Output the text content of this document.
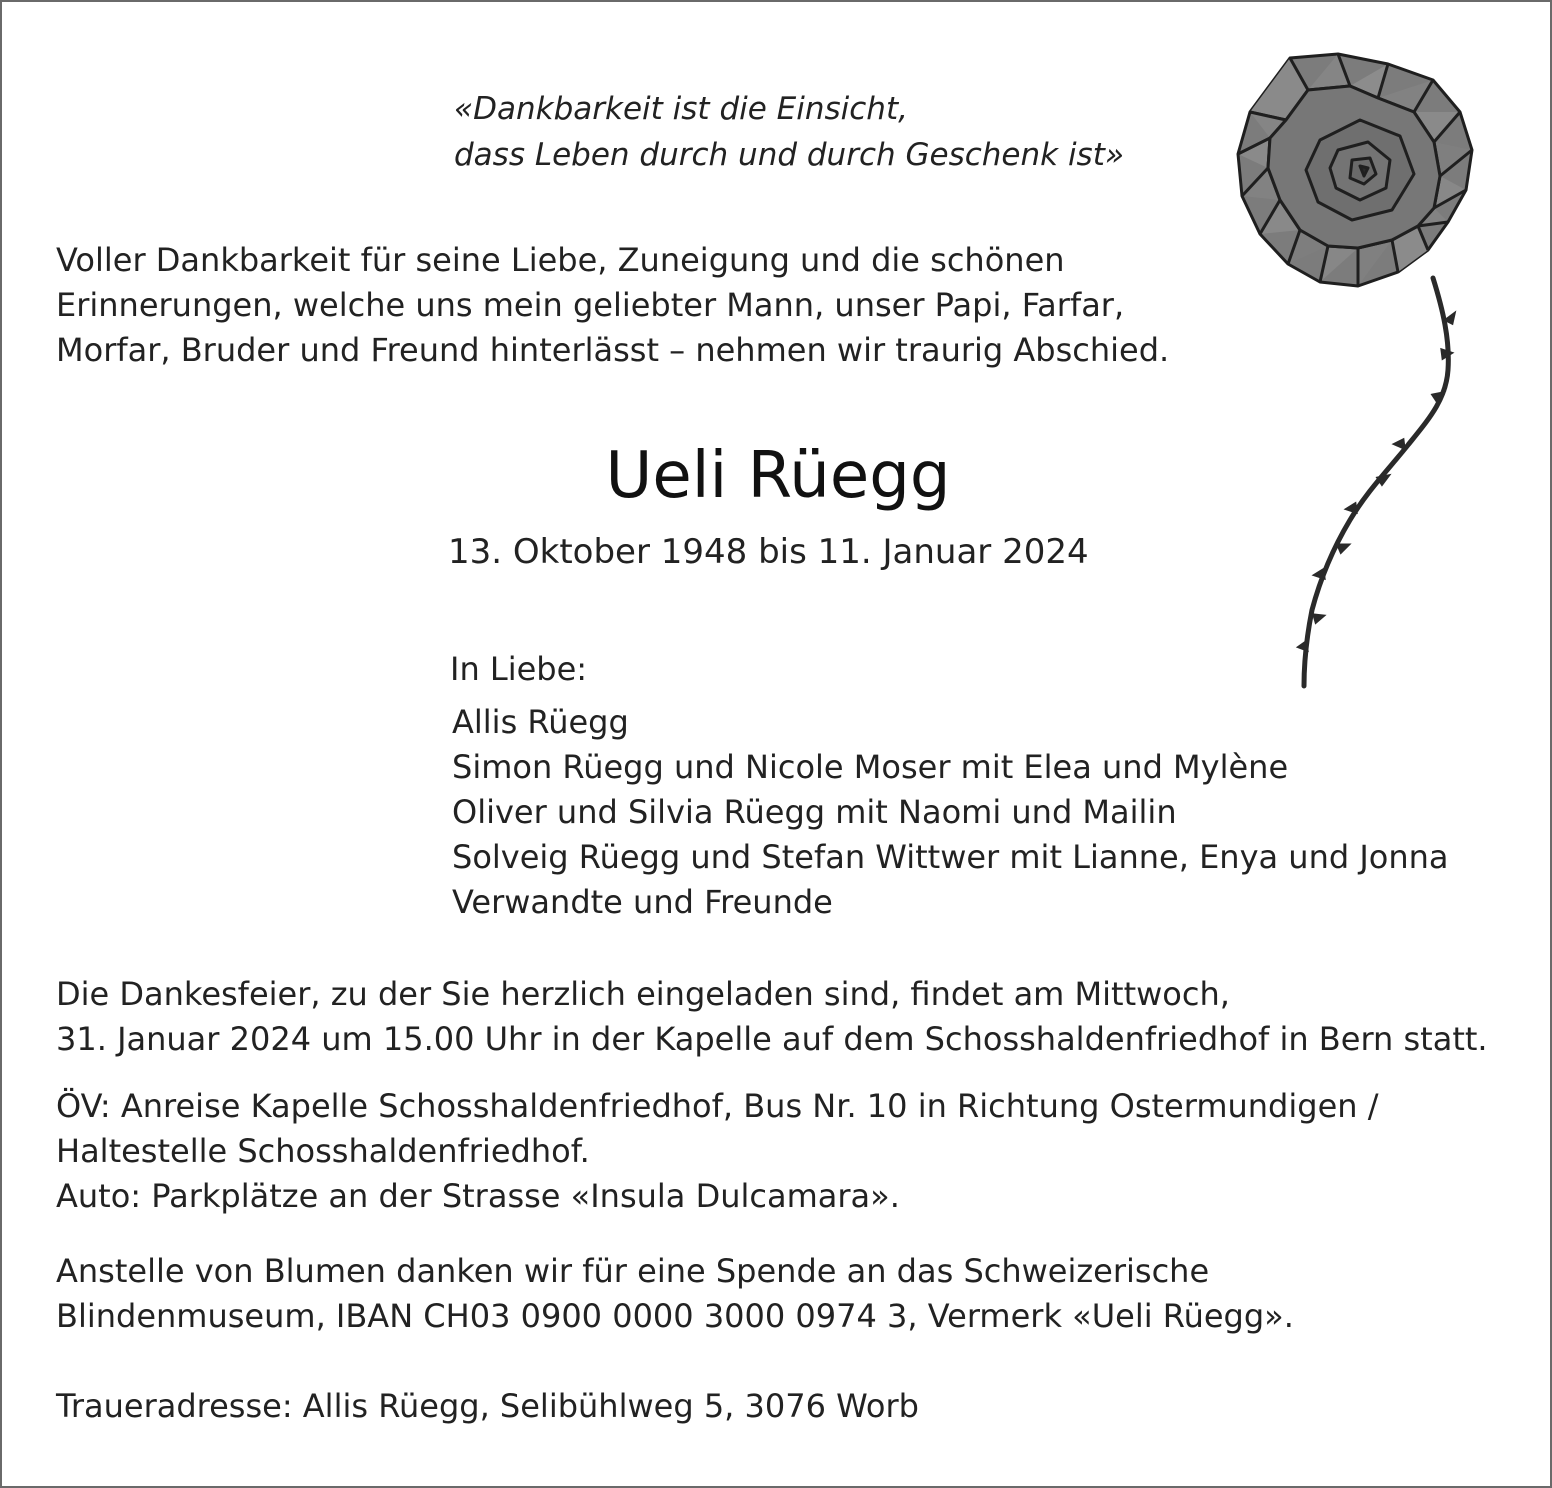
«Dankbarkeit ist die Einsicht,
dass Leben durch und durch Geschenk ist»
Voller Dankbarkeit für seine Liebe, Zuneigung und die schönen
Erinnerungen, welche uns mein geliebter Mann, unser Papi, Farfar,
Morfar, Bruder und Freund hinterlässt – nehmen wir traurig Abschied.
Ueli Rüegg
13. Oktober 1948 bis 11. Januar 2024
In Liebe:
Allis Rüegg
Simon Rüegg und Nicole Moser mit Elea und Mylène
Oliver und Silvia Rüegg mit Naomi und Mailin
Solveig Rüegg und Stefan Wittwer mit Lianne, Enya und Jonna
Verwandte und Freunde
Die Dankesfeier, zu der Sie herzlich eingeladen sind, findet am Mittwoch,
31. Januar 2024 um 15.00 Uhr in der Kapelle auf dem Schosshaldenfriedhof in Bern statt.
ÖV: Anreise Kapelle Schosshaldenfriedhof, Bus Nr. 10 in Richtung Ostermundigen /
Haltestelle Schosshaldenfriedhof.
Auto: Parkplätze an der Strasse «Insula Dulcamara».
Anstelle von Blumen danken wir für eine Spende an das Schweizerische
Blindenmuseum, IBAN CH03 0900 0000 3000 0974 3, Vermerk «Ueli Rüegg».
Traueradresse: Allis Rüegg, Selibühlweg 5, 3076 Worb
